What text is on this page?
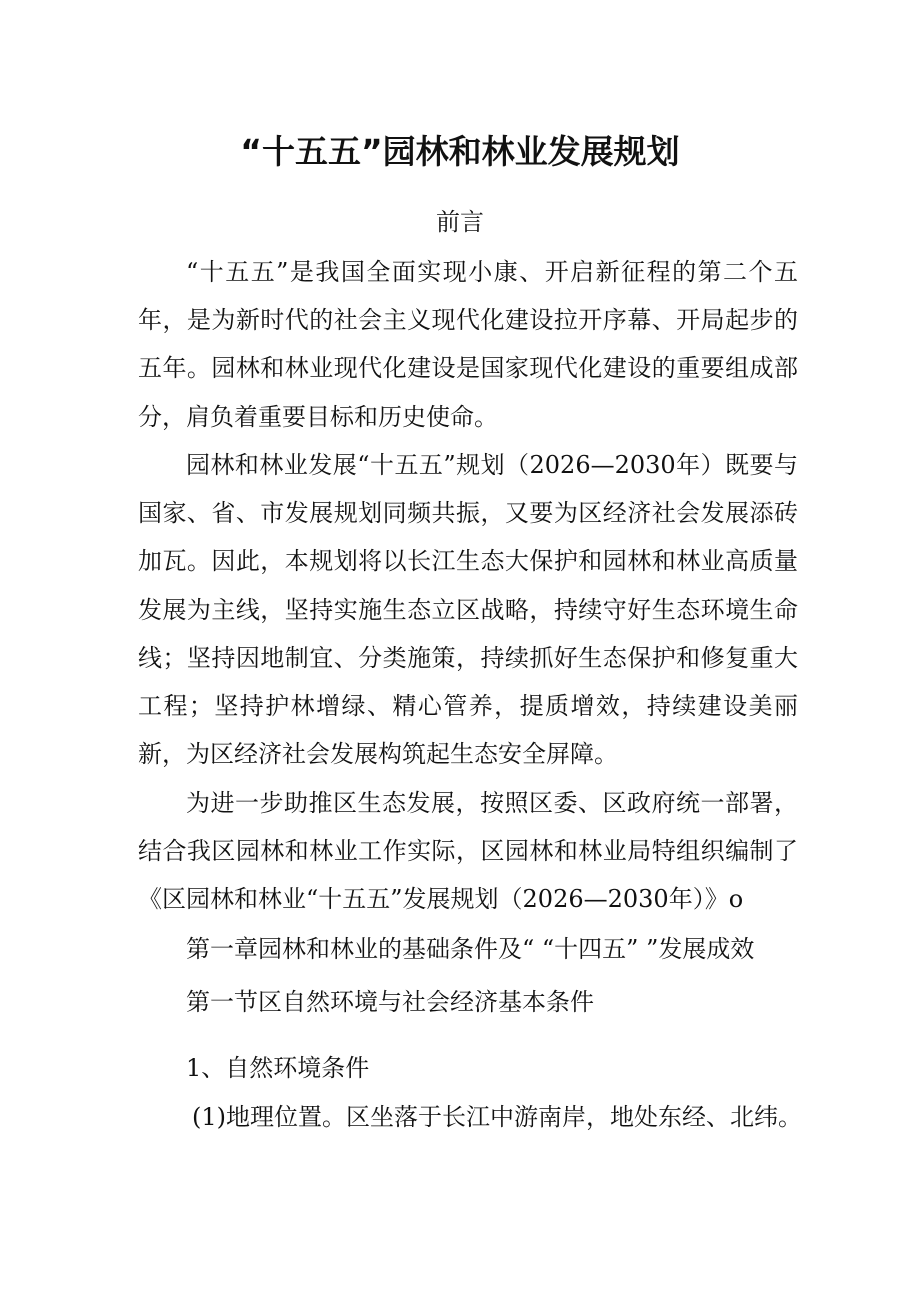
“十五五”园林和林业发展规划
前言

“十五五”是我国全面实现小康、开启新征程的第二个五年，是为新时代的社会主义现代化建设拉开序幕、开局起步的五年。园林和林业现代化建设是国家现代化建设的重要组成部分，肩负着重要目标和历史使命。

园林和林业发展“十五五”规划（2026—2030年）既要与国家、省、市发展规划同频共振，又要为区经济社会发展添砖加瓦。因此，本规划将以长江生态大保护和园林和林业高质量发展为主线，坚持实施生态立区战略，持续守好生态环境生命线；坚持因地制宜、分类施策，持续抓好生态保护和修复重大工程；坚持护林增绿、精心管养，提质增效，持续建设美丽新，为区经济社会发展构筑起生态安全屏障。

为进一步助推区生态发展，按照区委、区政府统一部署，结合我区园林和林业工作实际，区园林和林业局特组织编制了《区园林和林业“十五五”发展规划（2026—2030年）》o

第一章园林和林业的基础条件及“ “十四五” ”发展成效
第一节区自然环境与社会经济基本条件
1、自然环境条件
(1)地理位置。区坐落于长江中游南岸，地处东经、北纬。
